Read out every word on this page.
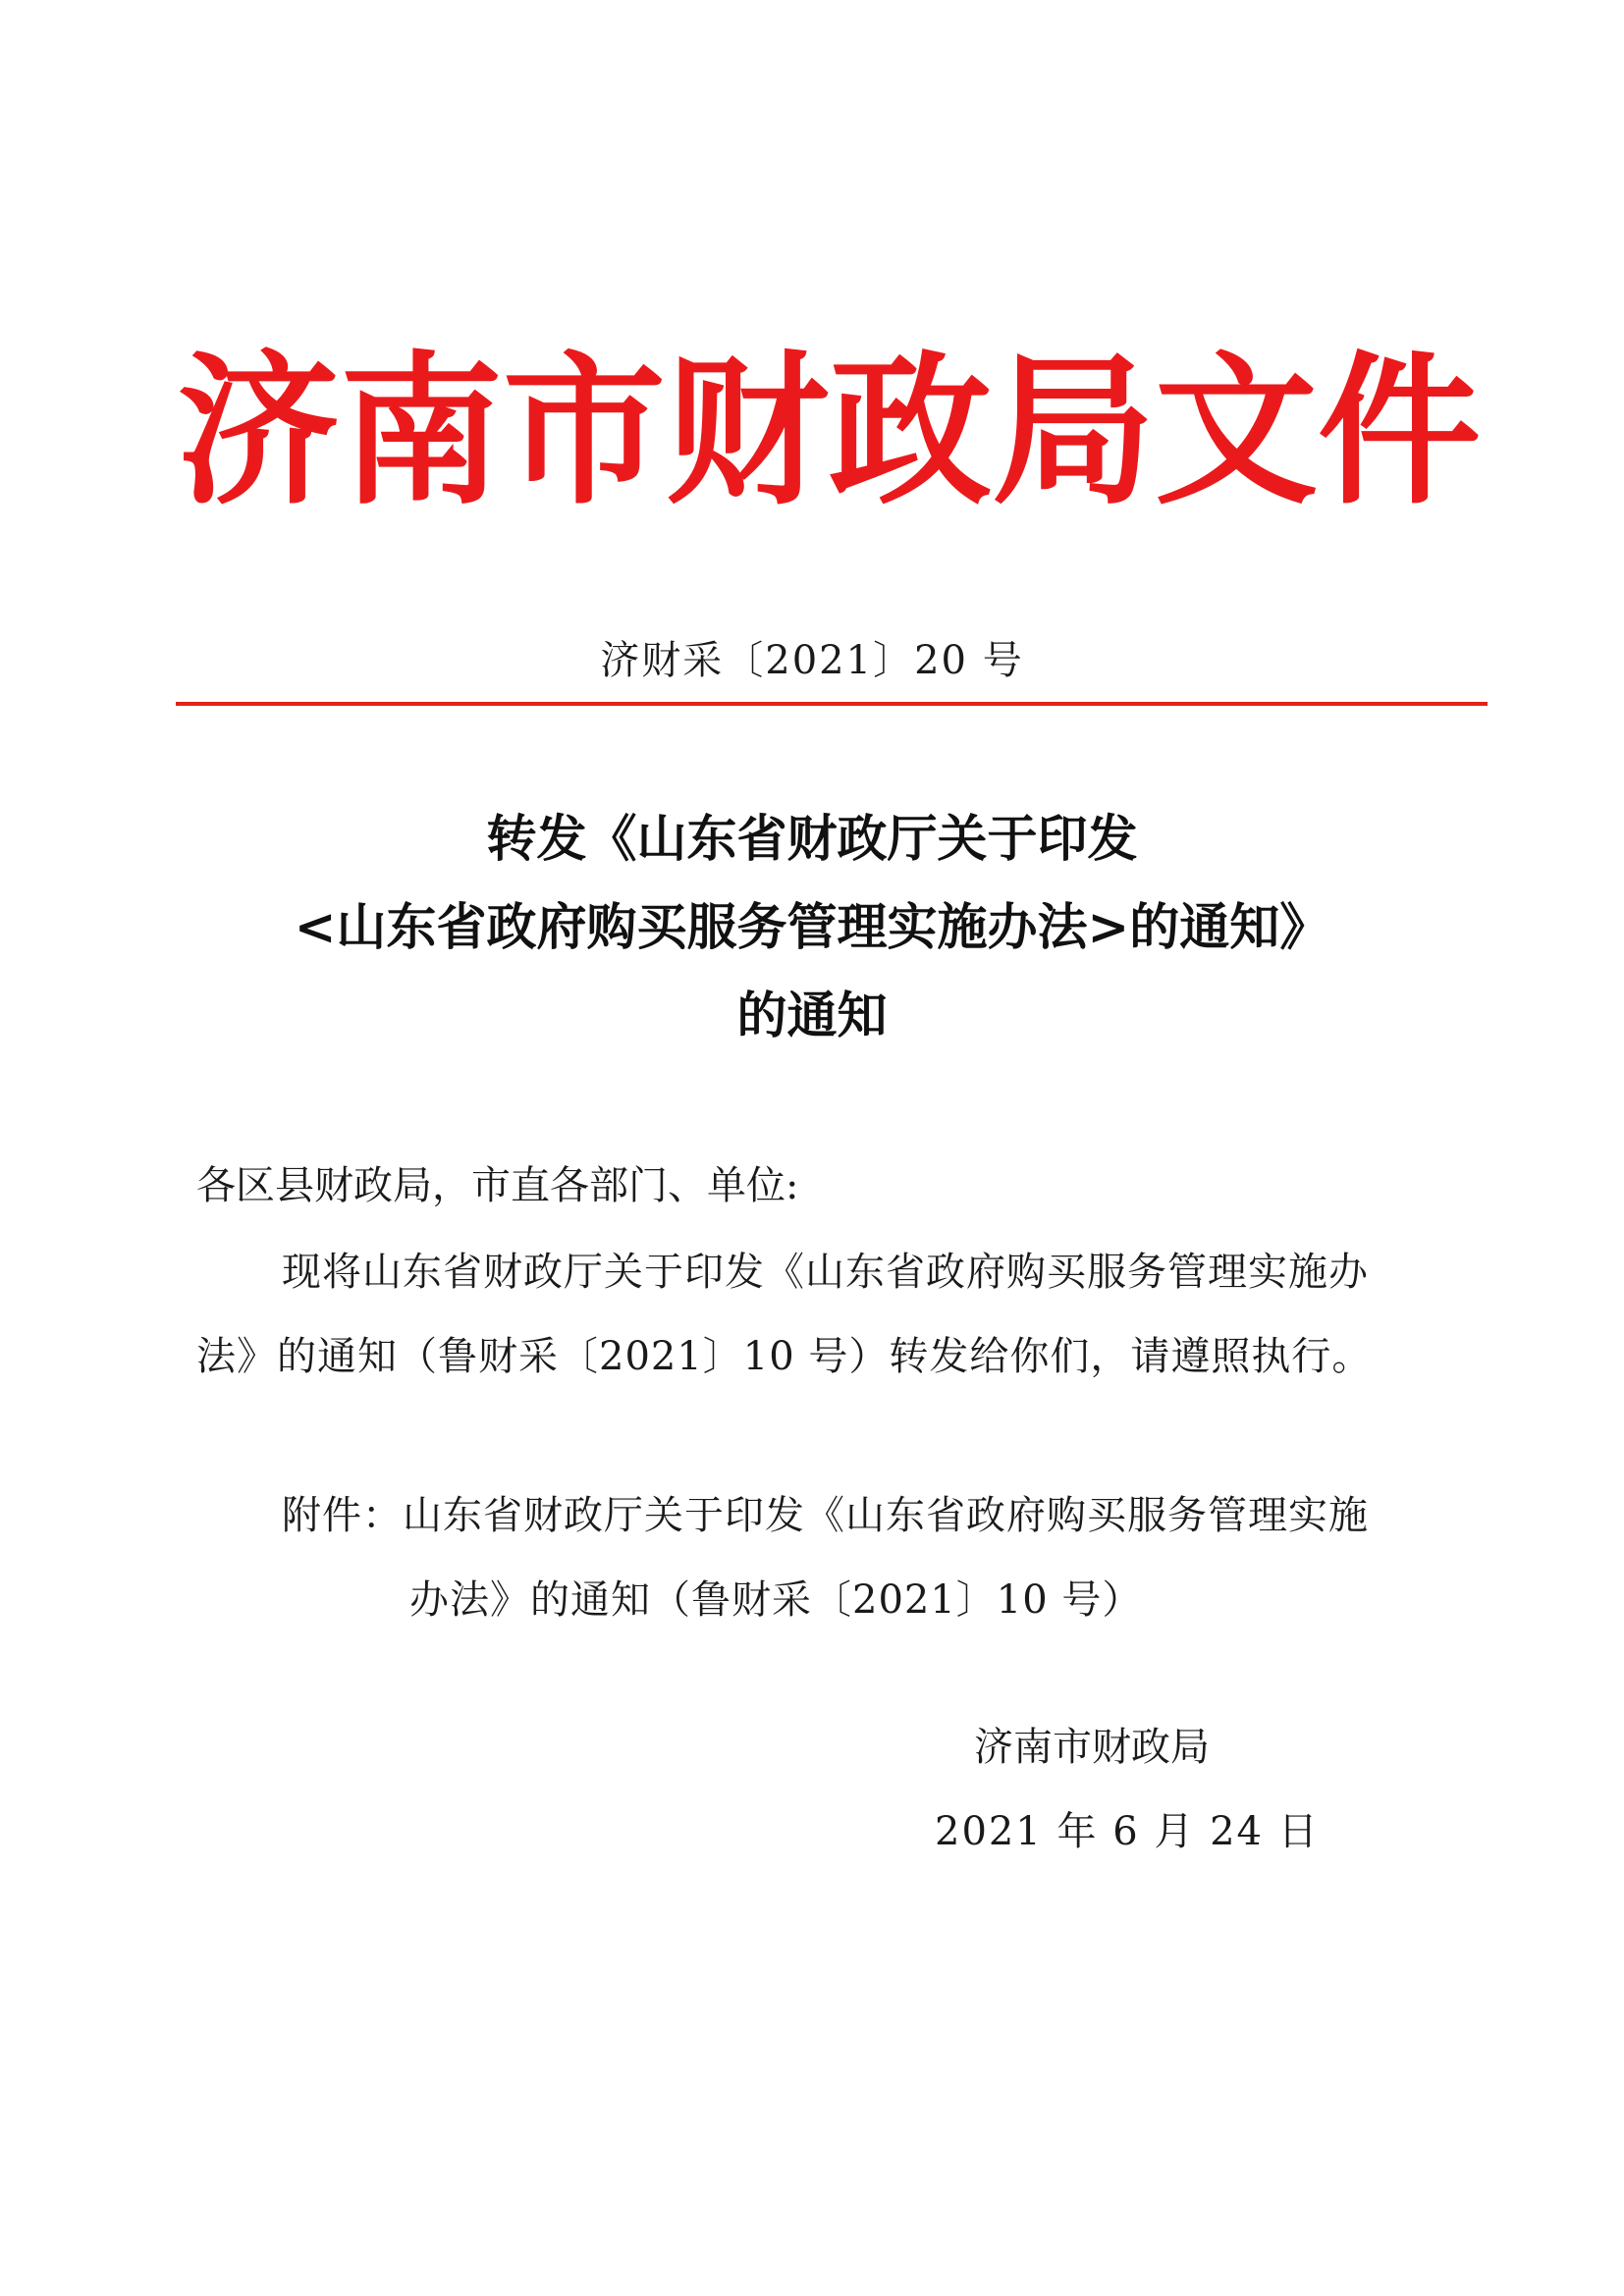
济 南 市 财 政 局 文 件
济财采〔2021〕20 号
转发《山东省财政厅关于印发
<山东省政府购买服务管理实施办法>的通知》
的通知
各区县财政局，市直各部门、单位:
现将山东省财政厅关于印发《山东省政府购买服务管理实施办
法》的通知（鲁财采〔2021〕10 号）转发给你们，请遵照执行。
附件：山东省财政厅关于印发《山东省政府购买服务管理实施
办法》的通知（鲁财采〔2021〕10 号）
济南市财政局
2021 年 6 月 24 日
